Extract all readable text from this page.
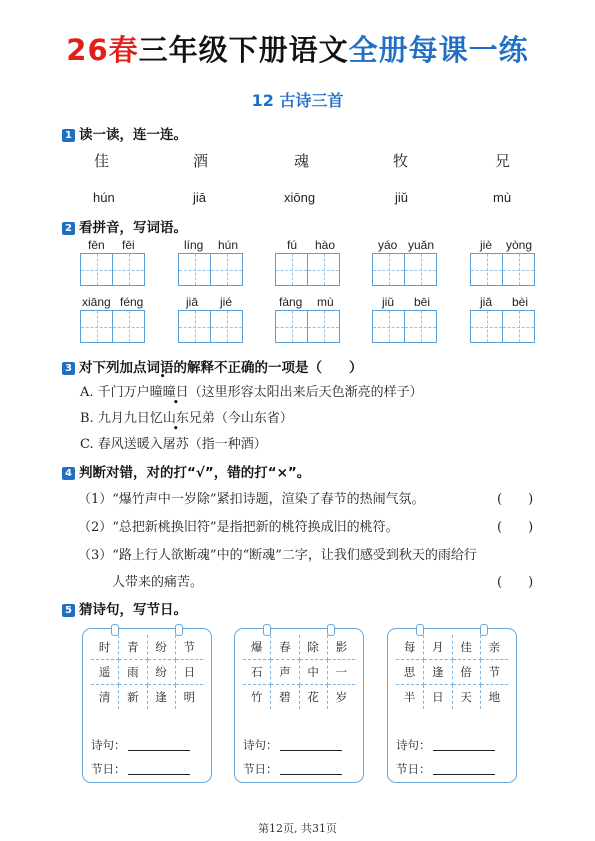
26春三年级下册语文全册每课一练
12 古诗三首
1 读一读，连一连。
佳	酒	魂	牧	兄
hún	jiā	xiōng	jiǔ	mù
2 看拼音，写词语。
fēn fēi	líng hún	fú hào	yáo yuǎn	jiè yòng
xiāng féng	jiā jié	fàng mù	jiǔ bēi	jiā bèi
3 对下列加点词语的解释不正确的一项是（　　）
A. 千门万户曈曈日（这里形容太阳出来后天色渐亮的样子）
B. 九月九日忆山东兄弟（今山东省）
C. 春风送暖入屠苏（指一种酒）
4 判断对错，对的打“√”，错的打“×”。
（1）“爆竹声中一岁除”紧扣诗题，渲染了春节的热闹气氛。	(　　)
（2）“总把新桃换旧符”是指把新的桃符换成旧的桃符。	(　　)
（3）“路上行人欲断魂”中的“断魂”二字，让我们感受到秋天的雨给行
人带来的痛苦。	(　　)
5 猜诗句，写节日。
时	青	纷	节
遥	雨	纷	日
清	新	逢	明
诗句：
节日：
爆	春	除	影
石	声	中	一
竹	碧	花	岁
诗句：
节日：
每	月	佳	亲
思	逢	倍	节
半	日	天	地
诗句：
节日：
第12页, 共31页
